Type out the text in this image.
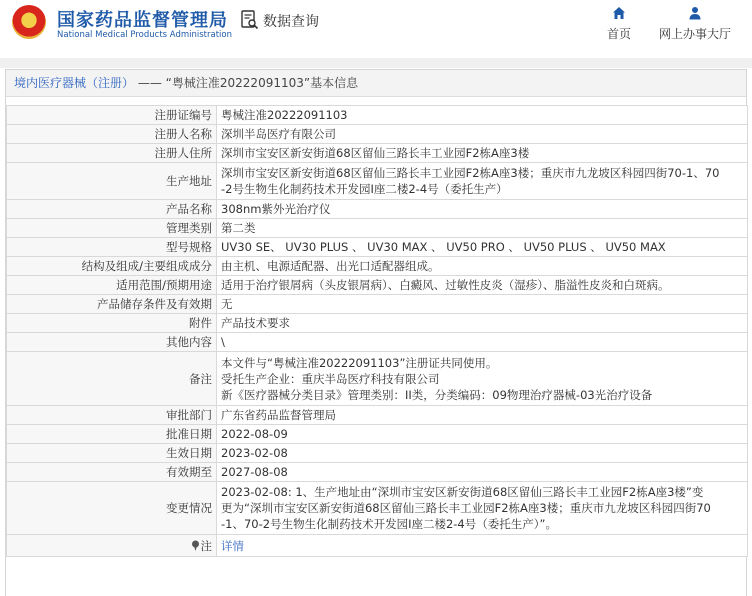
国家药品监督管理局
National Medical Products Administration
数据查询
首页	网上办事大厅
境内医疗器械（注册） —— “粤械注准20222091103”基本信息
注册证编号	粤械注准20222091103

注册人名称	深圳半岛医疗有限公司

注册人住所	深圳市宝安区新安街道68区留仙三路长丰工业园F2栋A座3楼

生产地址	深圳市宝安区新安街道68区留仙三路长丰工业园F2栋A座3楼；重庆市九龙坡区科园四街70-1、70
-2号生物生化制药技术开发园Ⅰ座二楼2-4号（委托生产）

产品名称	308nm紫外光治疗仪

管理类别	第二类

型号规格	UV30 SE、 UV30 PLUS 、 UV30 MAX 、 UV50 PRO 、 UV50 PLUS 、 UV50 MAX

结构及组成/主要组成成分	由主机、电源适配器、出光口适配器组成。

适用范围/预期用途	适用于治疗银屑病（头皮银屑病）、白癜风、过敏性皮炎（湿疹）、脂溢性皮炎和白斑病。

产品储存条件及有效期	无

附件	产品技术要求

其他内容	\

备注	本文件与“粤械注准20222091103”注册证共同使用。
受托生产企业：重庆半岛医疗科技有限公司
新《医疗器械分类目录》管理类别：II类，分类编码：09物理治疗器械-03光治疗设备

审批部门	广东省药品监督管理局

批准日期	2022-08-09

生效日期	2023-02-08

有效期至	2027-08-08

变更情况	2023-02-08: 1、生产地址由“深圳市宝安区新安街道68区留仙三路长丰工业园F2栋A座3楼”变
更为“深圳市宝安区新安街道68区留仙三路长丰工业园F2栋A座3楼；重庆市九龙坡区科园四街70
-1、70-2号生物生化制药技术开发园Ⅰ座二楼2-4号（委托生产）”。

注	详情
